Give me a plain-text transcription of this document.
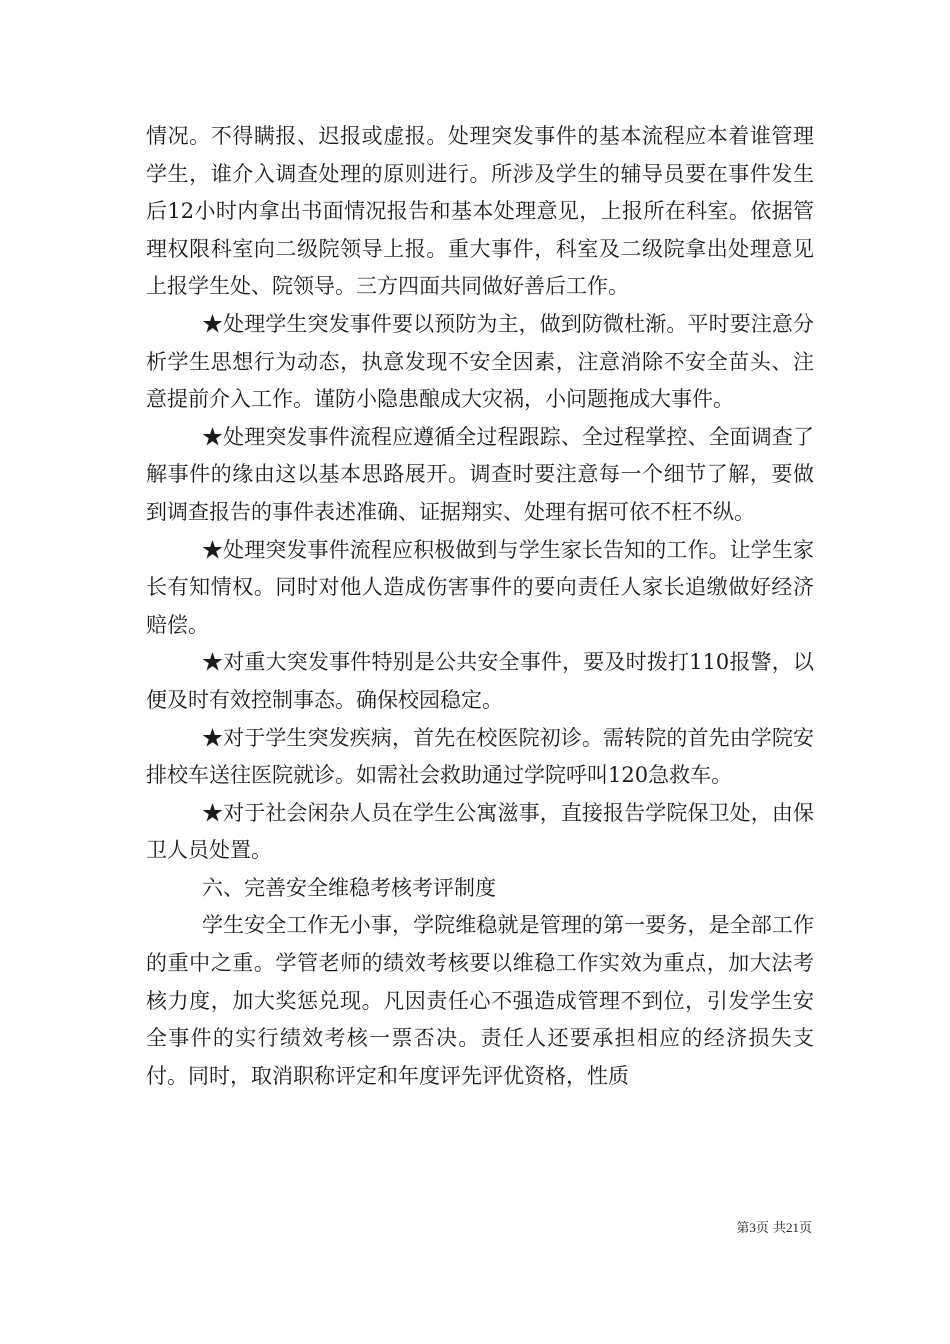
情况。不得瞒报、迟报或虚报。处理突发事件的基本流程应本着谁管理学生，谁介入调查处理的原则进行。所涉及学生的辅导员要在事件发生后12小时内拿出书面情况报告和基本处理意见，上报所在科室。依据管理权限科室向二级院领导上报。重大事件，科室及二级院拿出处理意见上报学生处、院领导。三方四面共同做好善后工作。

★处理学生突发事件要以预防为主，做到防微杜渐。平时要注意分析学生思想行为动态，执意发现不安全因素，注意消除不安全苗头、注意提前介入工作。谨防小隐患酿成大灾祸，小问题拖成大事件。

★处理突发事件流程应遵循全过程跟踪、全过程掌控、全面调查了解事件的缘由这以基本思路展开。调查时要注意每一个细节了解，要做到调查报告的事件表述准确、证据翔实、处理有据可依不枉不纵。

★处理突发事件流程应积极做到与学生家长告知的工作。让学生家长有知情权。同时对他人造成伤害事件的要向责任人家长追缴做好经济赔偿。

★对重大突发事件特别是公共安全事件，要及时拨打110报警，以便及时有效控制事态。确保校园稳定。

★对于学生突发疾病，首先在校医院初诊。需转院的首先由学院安排校车送往医院就诊。如需社会救助通过学院呼叫120急救车。

★对于社会闲杂人员在学生公寓滋事，直接报告学院保卫处，由保卫人员处置。

六、完善安全维稳考核考评制度

学生安全工作无小事，学院维稳就是管理的第一要务，是全部工作的重中之重。学管老师的绩效考核要以维稳工作实效为重点，加大法考核力度，加大奖惩兑现。凡因责任心不强造成管理不到位，引发学生安全事件的实行绩效考核一票否决。责任人还要承担相应的经济损失支付。同时，取消职称评定和年度评先评优资格，性质

第3页 共21页
